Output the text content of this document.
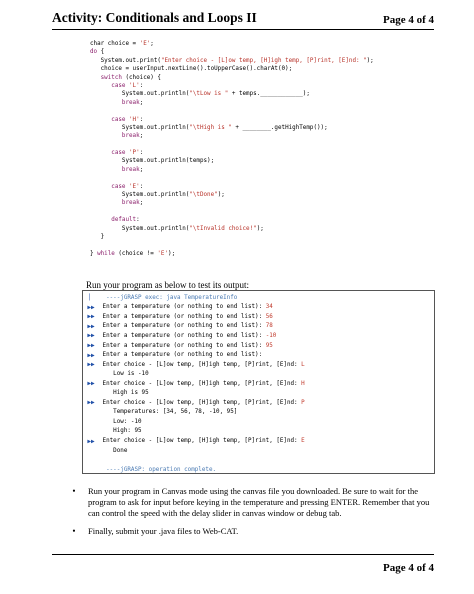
Activity: Conditionals and Loops II	Page 4 of 4
char choice = 'E';
do {
System.out.print("Enter choice - [L]ow temp, [H]igh temp, [P]rint, [E]nd: ");
choice = userInput.nextLine().toUpperCase().charAt(0);
switch (choice) {
case 'L':
System.out.println("\tLow is " + temps.____________);
break;
case 'H':
System.out.println("\tHigh is " + ________.getHighTemp());
break;
case 'P':
System.out.println(temps);
break;
case 'E':
System.out.println("\tDone");
break;
default:
System.out.println("\tInvalid choice!");
}
} while (choice != 'E');
Run your program as below to test its output:
▏	----jGRASP exec: java TemperatureInfo
▶▶ Enter a temperature (or nothing to end list): 34
▶▶ Enter a temperature (or nothing to end list): 56
▶▶ Enter a temperature (or nothing to end list): 78
▶▶ Enter a temperature (or nothing to end list): -10
▶▶ Enter a temperature (or nothing to end list): 95
▶▶ Enter a temperature (or nothing to end list):
▶▶ Enter choice - [L]ow temp, [H]igh temp, [P]rint, [E]nd: L
Low is -10
▶▶ Enter choice - [L]ow temp, [H]igh temp, [P]rint, [E]nd: H
High is 95
▶▶ Enter choice - [L]ow temp, [H]igh temp, [P]rint, [E]nd: P
Temperatures: [34, 56, 78, -10, 95]
Low: -10
High: 95
▶▶ Enter choice - [L]ow temp, [H]igh temp, [P]rint, [E]nd: E
Done
----jGRASP: operation complete.
•	Run your program in Canvas mode using the canvas file you downloaded. Be sure to wait for the program to ask for input before keying in the temperature and pressing ENTER. Remember that you can control the speed with the delay slider in canvas window or debug tab.
•	Finally, submit your .java files to Web-CAT.
Page 4 of 4
